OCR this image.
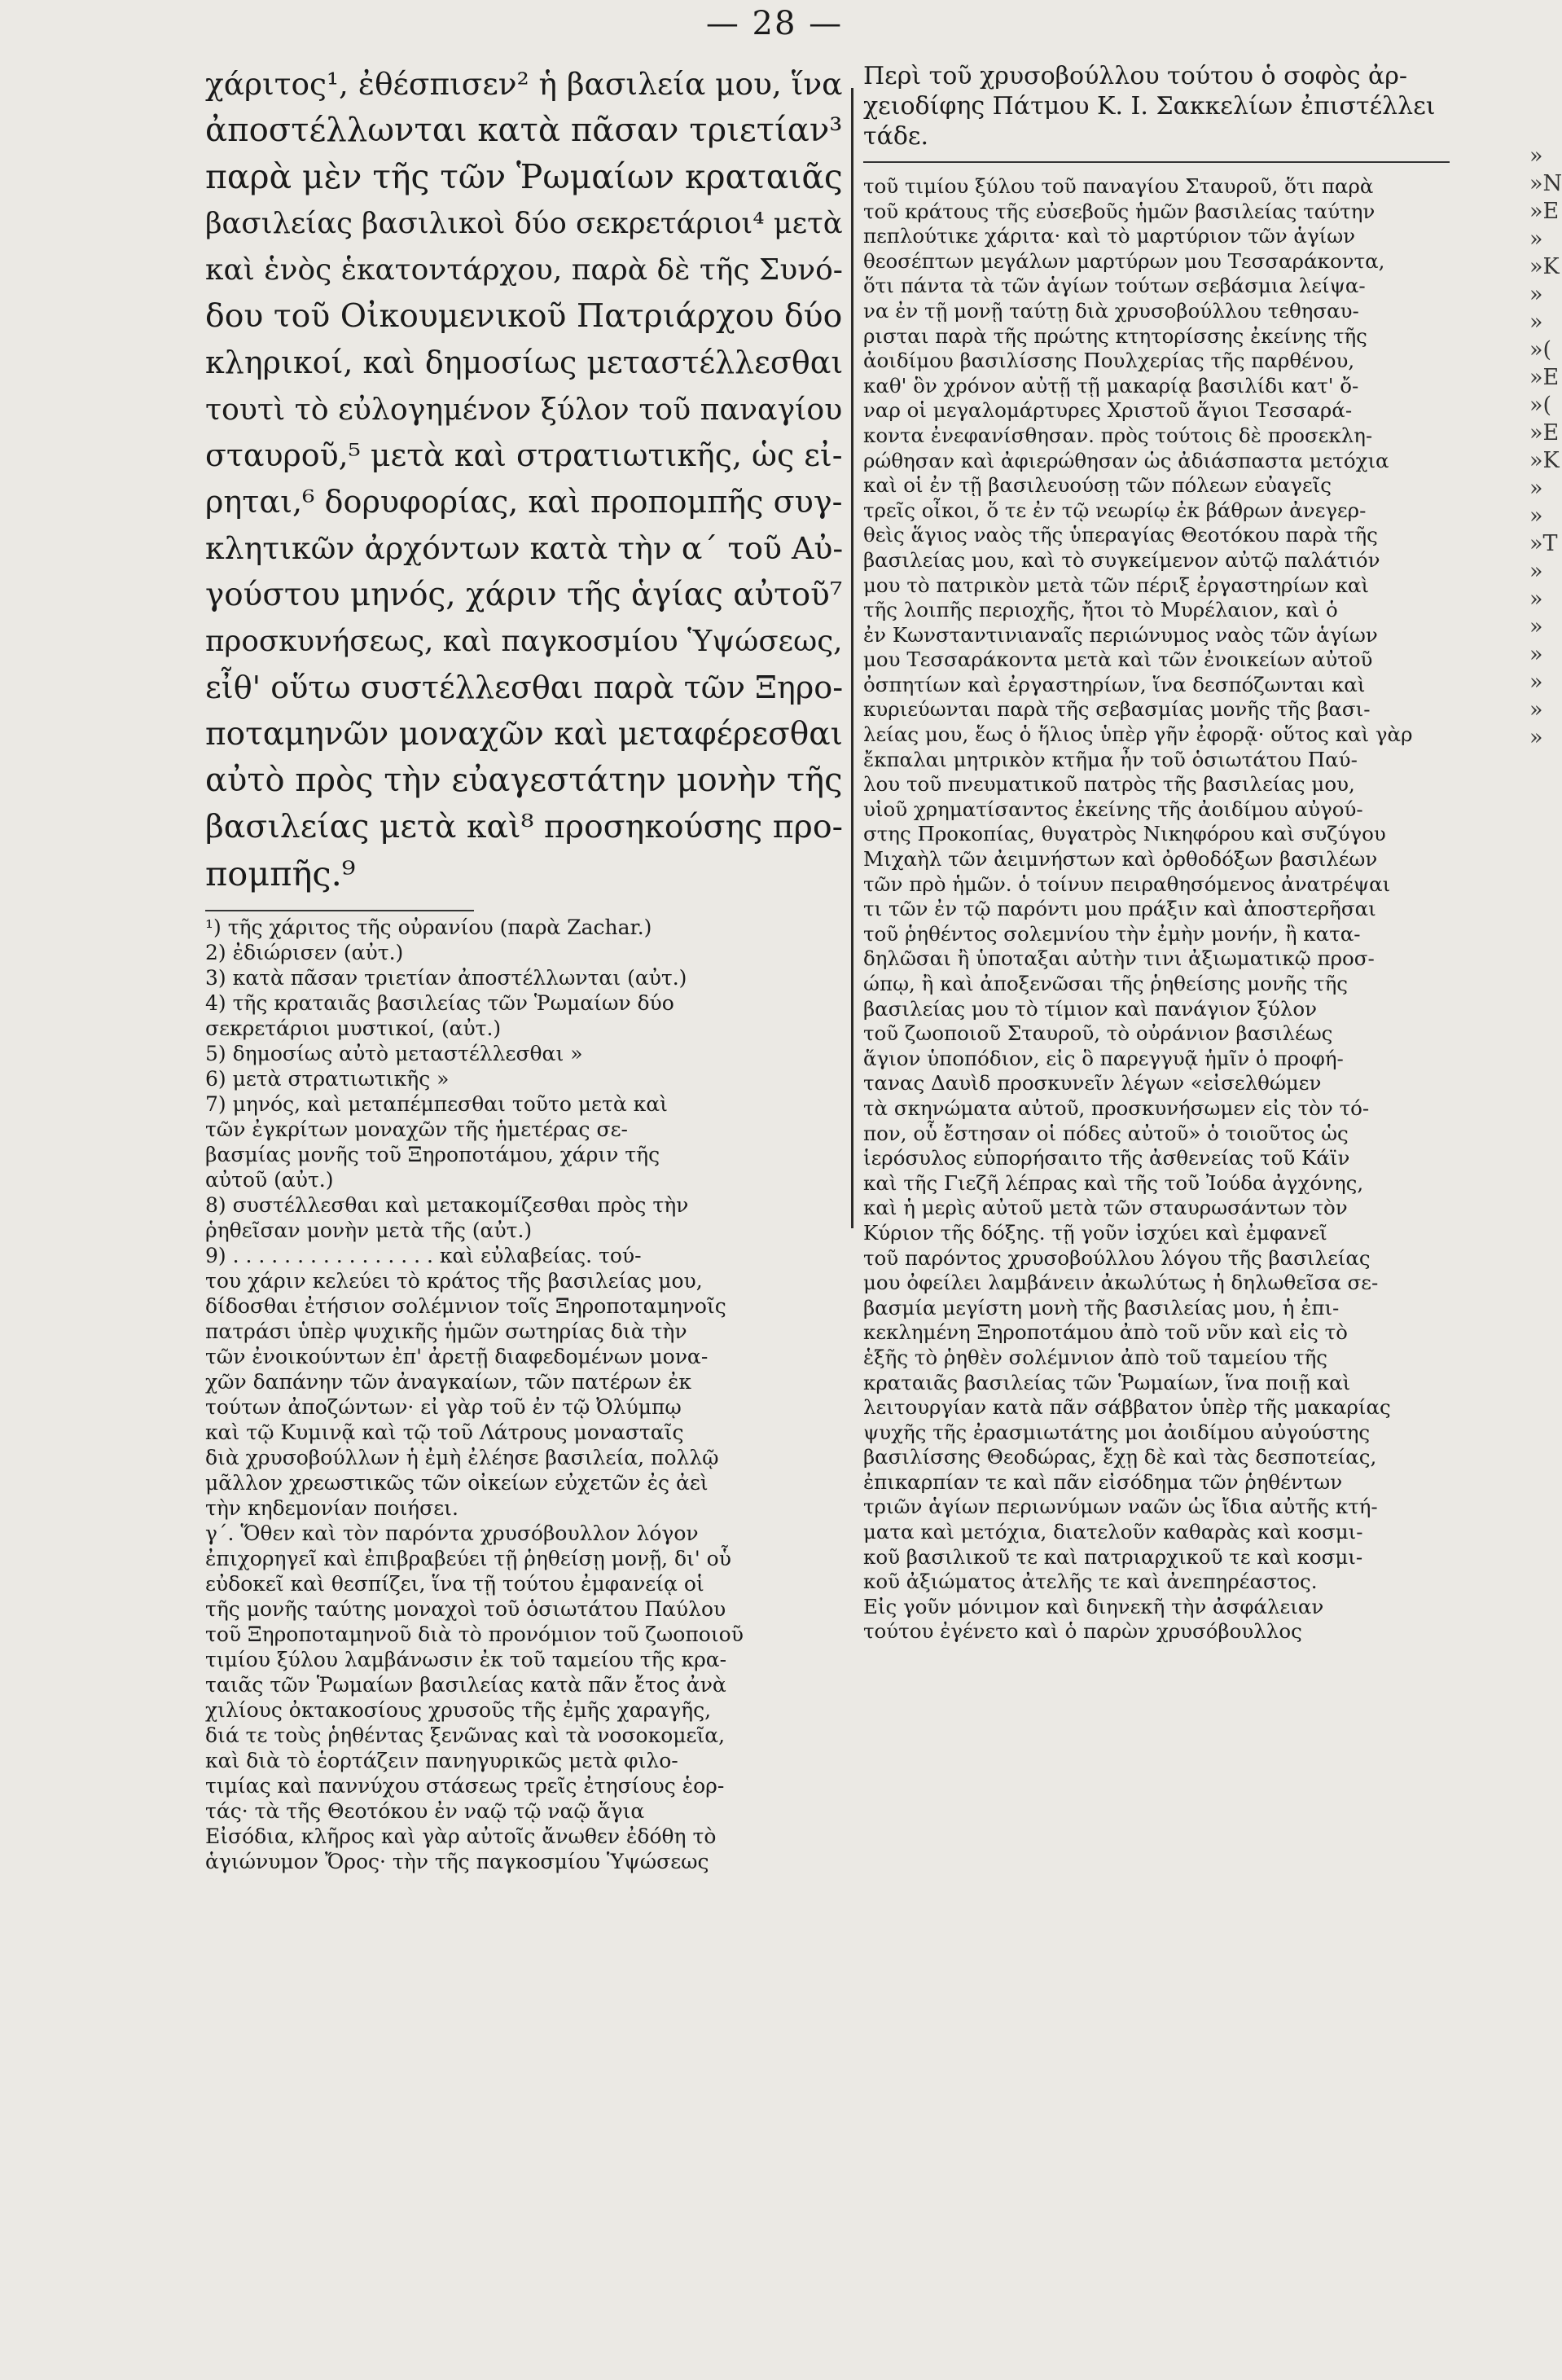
— 28 —
χάριτος¹, ἐθέσπισεν² ἡ βασιλεία μου, ἵνα
ἀποστέλλωνται κατὰ πᾶσαν τριετίαν³
παρὰ μὲν τῆς τῶν Ῥωμαίων κραταιᾶς
βασιλείας βασιλικοὶ δύο σεκρετάριοι⁴ μετὰ
καὶ ἑνὸς ἑκατοντάρχου, παρὰ δὲ τῆς Συνό-
δου τοῦ Οἰκουμενικοῦ Πατριάρχου δύο
κληρικοί, καὶ δημοσίως μεταστέλλεσθαι
τουτὶ τὸ εὐλογημένον ξύλον τοῦ παναγίου
σταυροῦ,⁵ μετὰ καὶ στρατιωτικῆς, ὡς εἰ-
ρηται,⁶ δορυφορίας, καὶ προπομπῆς συγ-
κλητικῶν ἀρχόντων κατὰ τὴν α΄ τοῦ Αὐ-
γούστου μηνός, χάριν τῆς ἁγίας αὐτοῦ⁷
προσκυνήσεως, καὶ παγκοσμίου Ὑψώσεως,
εἶθ' οὕτω συστέλλεσθαι παρὰ τῶν Ξηρο-
ποταμηνῶν μοναχῶν καὶ μεταφέρεσθαι
αὐτὸ πρὸς τὴν εὐαγεστάτην μονὴν τῆς
βασιλείας μετὰ καὶ⁸ προσηκούσης προ-
πομπῆς.⁹
¹) τῆς χάριτος τῆς οὐρανίου (παρὰ Zachar.)
2) ἐδιώρισεν (αὐτ.)
3) κατὰ πᾶσαν τριετίαν ἀποστέλλωνται (αὐτ.)
4) τῆς κραταιᾶς βασιλείας τῶν Ῥωμαίων δύο
σεκρετάριοι μυστικοί, (αὐτ.)
5) δημοσίως αὐτὸ μεταστέλλεσθαι »
6) μετὰ στρατιωτικῆς »
7) μηνός, καὶ μεταπέμπεσθαι τοῦτο μετὰ καὶ
τῶν ἐγκρίτων μοναχῶν τῆς ἡμετέρας σε-
βασμίας μονῆς τοῦ Ξηροποτάμου, χάριν τῆς
αὐτοῦ (αὐτ.)
8) συστέλλεσθαι καὶ μετακομίζεσθαι πρὸς τὴν
ῥηθεῖσαν μονὴν μετὰ τῆς (αὐτ.)
9) . . . . . . . . . . . . . . . . καὶ εὐλαβείας. τού-
του χάριν κελεύει τὸ κράτος τῆς βασιλείας μου,
δίδοσθαι ἐτήσιον σολέμνιον τοῖς Ξηροποταμηνοῖς
πατράσι ὑπὲρ ψυχικῆς ἡμῶν σωτηρίας διὰ τὴν
τῶν ἐνοικούντων ἐπ' ἀρετῇ διαφεδομένων μονα-
χῶν δαπάνην τῶν ἀναγκαίων, τῶν πατέρων ἐκ
τούτων ἀποζώντων· εἰ γὰρ τοῦ ἐν τῷ Ὀλύμπῳ
καὶ τῷ Κυμινᾷ καὶ τῷ τοῦ Λάτρους μονασταῖς
διὰ χρυσοβούλλων ἡ ἐμὴ ἐλέησε βασιλεία, πολλῷ
μᾶλλον χρεωστικῶς τῶν οἰκείων εὐχετῶν ἐς ἀεὶ
τὴν κηδεμονίαν ποιήσει.
γ΄. Ὅθεν καὶ τὸν παρόντα χρυσόβουλλον λόγον
ἐπιχορηγεῖ καὶ ἐπιβραβεύει τῇ ῥηθείσῃ μονῇ, δι' οὗ
εὐδοκεῖ καὶ θεσπίζει, ἵνα τῇ τούτου ἐμφανείᾳ οἱ
τῆς μονῆς ταύτης μοναχοὶ τοῦ ὁσιωτάτου Παύλου
τοῦ Ξηροποταμηνοῦ διὰ τὸ προνόμιον τοῦ ζωοποιοῦ
τιμίου ξύλου λαμβάνωσιν ἐκ τοῦ ταμείου τῆς κρα-
ταιᾶς τῶν Ῥωμαίων βασιλείας κατὰ πᾶν ἔτος ἀνὰ
χιλίους ὀκτακοσίους χρυσοῦς τῆς ἐμῆς χαραγῆς,
διά τε τοὺς ῥηθέντας ξενῶνας καὶ τὰ νοσοκομεῖα,
καὶ διὰ τὸ ἑορτάζειν πανηγυρικῶς μετὰ φιλο-
τιμίας καὶ παννύχου στάσεως τρεῖς ἐτησίους ἑορ-
τάς· τὰ τῆς Θεοτόκου ἐν ναῷ τῷ ναῷ ἅγια
Εἰσόδια, κλῆρος καὶ γὰρ αὐτοῖς ἄνωθεν ἐδόθη τὸ
ἁγιώνυμον Ὄρος· τὴν τῆς παγκοσμίου Ὑψώσεως
Περὶ τοῦ χρυσοβούλλου τούτου ὁ σοφὸς ἀρ-
χειοδίφης Πάτμου Κ. Ι. Σακκελίων ἐπιστέλλει
τάδε.
τοῦ τιμίου ξύλου τοῦ παναγίου Σταυροῦ, ὅτι παρὰ
τοῦ κράτους τῆς εὐσεβοῦς ἡμῶν βασιλείας ταύτην
πεπλούτικε χάριτα· καὶ τὸ μαρτύριον τῶν ἁγίων
θεοσέπτων μεγάλων μαρτύρων μου Τεσσαράκοντα,
ὅτι πάντα τὰ τῶν ἁγίων τούτων σεβάσμια λείψα-
να ἐν τῇ μονῇ ταύτῃ διὰ χρυσοβούλλου τεθησαυ-
ρισται παρὰ τῆς πρώτης κτητορίσσης ἐκείνης τῆς
ἀοιδίμου βασιλίσσης Πουλχερίας τῆς παρθένου,
καθ' ὃν χρόνον αὐτῇ τῇ μακαρίᾳ βασιλίδι κατ' ὄ-
ναρ οἱ μεγαλομάρτυρες Χριστοῦ ἅγιοι Τεσσαρά-
κοντα ἐνεφανίσθησαν. πρὸς τούτοις δὲ προσεκλη-
ρώθησαν καὶ ἀφιερώθησαν ὡς ἀδιάσπαστα μετόχια
καὶ οἱ ἐν τῇ βασιλευούσῃ τῶν πόλεων εὐαγεῖς
τρεῖς οἶκοι, ὅ τε ἐν τῷ νεωρίῳ ἐκ βάθρων ἀνεγερ-
θεὶς ἅγιος ναὸς τῆς ὑπεραγίας Θεοτόκου παρὰ τῆς
βασιλείας μου, καὶ τὸ συγκείμενον αὐτῷ παλάτιόν
μου τὸ πατρικὸν μετὰ τῶν πέριξ ἐργαστηρίων καὶ
τῆς λοιπῆς περιοχῆς, ἤτοι τὸ Μυρέλαιον, καὶ ὁ
ἐν Κωνσταντινιαναῖς περιώνυμος ναὸς τῶν ἁγίων
μου Τεσσαράκοντα μετὰ καὶ τῶν ἐνοικείων αὐτοῦ
ὀσπητίων καὶ ἐργαστηρίων, ἵνα δεσπόζωνται καὶ
κυριεύωνται παρὰ τῆς σεβασμίας μονῆς τῆς βασι-
λείας μου, ἕως ὁ ἥλιος ὑπὲρ γῆν ἐφορᾷ· οὕτος καὶ γὰρ
ἔκπαλαι μητρικὸν κτῆμα ἦν τοῦ ὁσιωτάτου Παύ-
λου τοῦ πνευματικοῦ πατρὸς τῆς βασιλείας μου,
υἱοῦ χρηματίσαντος ἐκείνης τῆς ἀοιδίμου αὐγού-
στης Προκοπίας, θυγατρὸς Νικηφόρου καὶ συζύγου
Μιχαὴλ τῶν ἀειμνήστων καὶ ὀρθοδόξων βασιλέων
τῶν πρὸ ἡμῶν. ὁ τοίνυν πειραθησόμενος ἀνατρέψαι
τι τῶν ἐν τῷ παρόντι μου πράξιν καὶ ἀποστερῆσαι
τοῦ ῥηθέντος σολεμνίου τὴν ἐμὴν μονήν, ἢ κατα-
δηλῶσαι ἢ ὑποταξαι αὐτὴν τινι ἀξιωματικῷ προσ-
ώπῳ, ἢ καὶ ἀποξενῶσαι τῆς ῥηθείσης μονῆς τῆς
βασιλείας μου τὸ τίμιον καὶ πανάγιον ξύλον
τοῦ ζωοποιοῦ Σταυροῦ, τὸ οὐράνιον βασιλέως
ἅγιον ὑποπόδιον, εἰς ὃ παρεγγυᾷ ἡμῖν ὁ προφή-
τανας Δαυὶδ προσκυνεῖν λέγων «εἰσελθώμεν
τὰ σκηνώματα αὐτοῦ, προσκυνήσωμεν εἰς τὸν τό-
πον, οὗ ἔστησαν οἱ πόδες αὐτοῦ» ὁ τοιοῦτος ὡς
ἱερόσυλος εὑπορήσαιτο τῆς ἀσθενείας τοῦ Κάϊν
καὶ τῆς Γιεζῆ λέπρας καὶ τῆς τοῦ Ἰούδα ἀγχόνης,
καὶ ἡ μερὶς αὐτοῦ μετὰ τῶν σταυρωσάντων τὸν
Κύριον τῆς δόξης. τῇ γοῦν ἰσχύει καὶ ἐμφανεῖ
τοῦ παρόντος χρυσοβούλλου λόγου τῆς βασιλείας
μου ὀφείλει λαμβάνειν ἀκωλύτως ἡ δηλωθεῖσα σε-
βασμία μεγίστη μονὴ τῆς βασιλείας μου, ἡ ἐπι-
κεκλημένη Ξηροποτάμου ἀπὸ τοῦ νῦν καὶ εἰς τὸ
ἑξῆς τὸ ῥηθὲν σολέμνιον ἀπὸ τοῦ ταμείου τῆς
κραταιᾶς βασιλείας τῶν Ῥωμαίων, ἵνα ποιῇ καὶ
λειτουργίαν κατὰ πᾶν σάββατον ὑπὲρ τῆς μακαρίας
ψυχῆς τῆς ἐρασμιωτάτης μοι ἀοιδίμου αὐγούστης
βασιλίσσης Θεοδώρας, ἔχῃ δὲ καὶ τὰς δεσποτείας,
ἐπικαρπίαν τε καὶ πᾶν εἰσόδημα τῶν ῥηθέντων
τριῶν ἁγίων περιωνύμων ναῶν ὡς ἴδια αὐτῆς κτή-
ματα καὶ μετόχια, διατελοῦν καθαρὰς καὶ κοσμι-
κοῦ βασιλικοῦ τε καὶ πατριαρχικοῦ τε καὶ κοσμι-
κοῦ ἀξιώματος ἀτελῆς τε καὶ ἀνεπηρέαστος.
Εἰς γοῦν μόνιμον καὶ διηνεκῆ τὴν ἀσφάλειαν
τούτου ἐγένετο καὶ ὁ παρὼν χρυσόβουλλος
»
»Ν
»E
»
»K
»
»
»(
»E
»(
»E
»K
»
»
»T
»
»
»
»
»
»
»
